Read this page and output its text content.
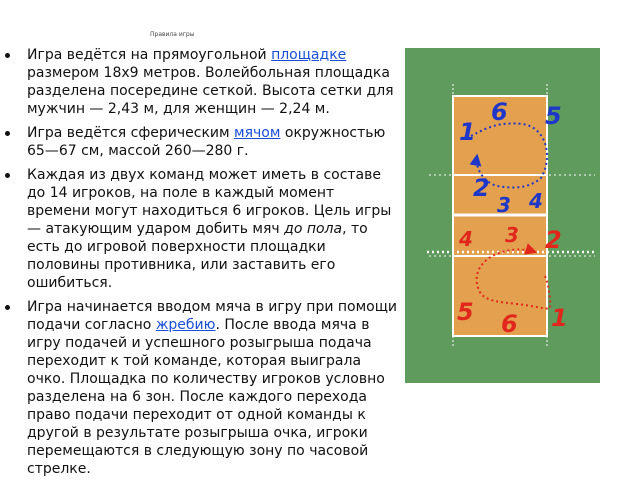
Правила игры
Игра ведётся на прямоугольной площадке размером 18х9 метров. Волейбольная площадка разделена посередине сеткой. Высота сетки для мужчин — 2,43 м, для женщин — 2,24 м.
Игра ведётся сферическим мячом окружностью 65—67 см, массой 260—280 г.
Каждая из двух команд может иметь в составе до 14 игроков, на поле в каждый момент времени могут находиться 6 игроков. Цель игры — атакующим ударом добить мяч до пола, то есть до игровой поверхности площадки половины противника, или заставить его ошибиться.
Игра начинается вводом мяча в игру при помощи подачи согласно жребию. После ввода мяча в игру подачей и успешного розыгрыша подача переходит к той команде, которая выиграла очко. Площадка по количеству игроков условно разделена на 6 зон. После каждого перехода право подачи переходит от одной команды к другой в результате розыгрыша очка, игроки перемещаются в следующую зону по часовой стрелке.
6 5
1
2
3 4
4 3 2
5 6 1
